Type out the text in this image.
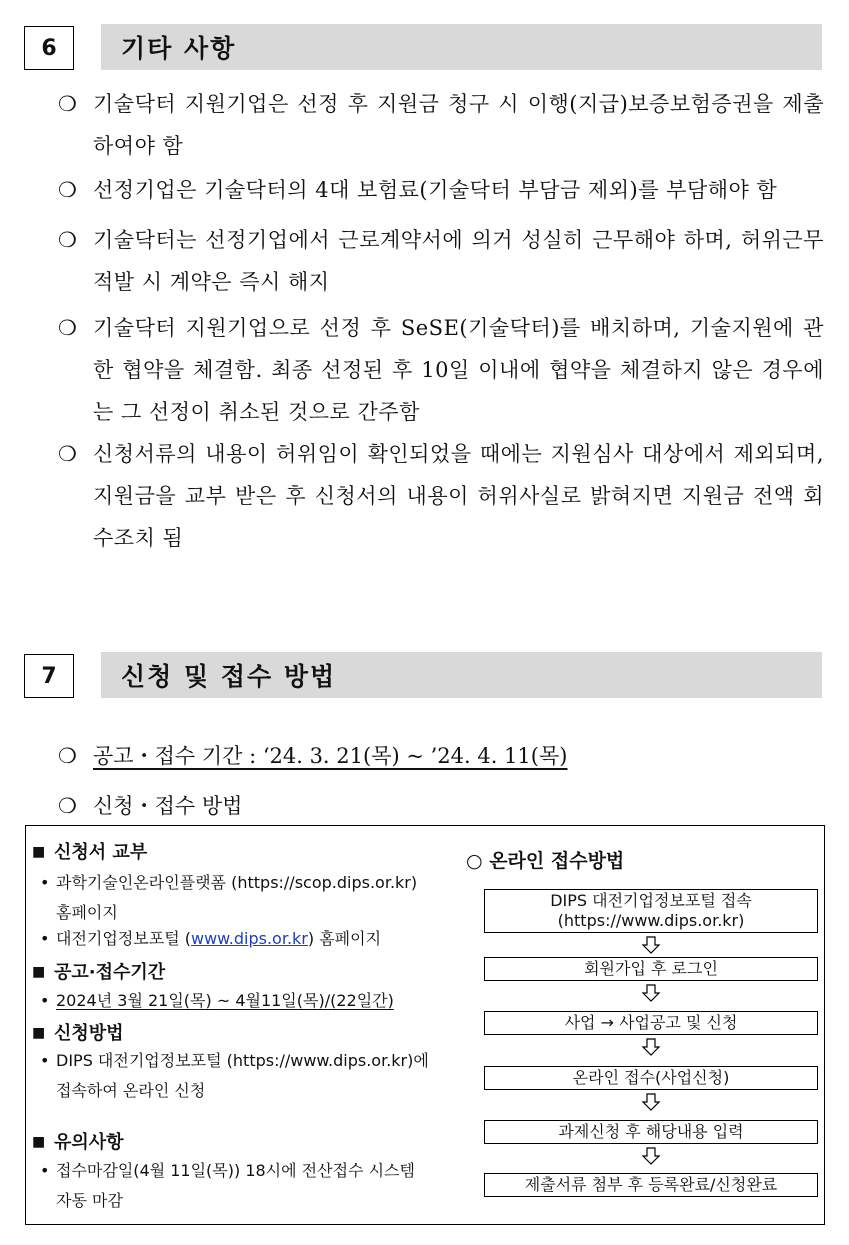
6	기타 사항
❍ 기술닥터 지원기업은 선정 후 지원금 청구 시 이행(지급)보증보험증권을 제출하여야 함
❍ 선정기업은 기술닥터의 4대 보험료(기술닥터 부담금 제외)를 부담해야 함
❍ 기술닥터는 선정기업에서 근로계약서에 의거 성실히 근무해야 하며, 허위근무 적발 시 계약은 즉시 해지
❍ 기술닥터 지원기업으로 선정 후 SeSE(기술닥터)를 배치하며, 기술지원에 관한 협약을 체결함. 최종 선정된 후 10일 이내에 협약을 체결하지 않은 경우에는 그 선정이 취소된 것으로 간주함
❍ 신청서류의 내용이 허위임이 확인되었을 때에는 지원심사 대상에서 제외되며, 지원금을 교부 받은 후 신청서의 내용이 허위사실로 밝혀지면 지원금 전액 회수조치 됨
7	신청 및 접수 방법
❍ 공고・접수 기간 : ‘24. 3. 21(목) ~ ’24. 4. 11(목)
❍ 신청・접수 방법
■ 신청서 교부
• 과학기술인온라인플랫폼 (https://scop.dips.or.kr)
홈페이지
• 대전기업정보포털 (www.dips.or.kr) 홈페이지
■ 공고·접수기간
• 2024년 3월 21일(목) ~ 4월11일(목)/(22일간)
■ 신청방법
• DIPS 대전기업정보포털 (https://www.dips.or.kr)에
접속하여 온라인 신청
■ 유의사항
• 접수마감일(4월 11일(목)) 18시에 전산접수 시스템
자동 마감
○ 온라인 접수방법
DIPS 대전기업정보포털 접속
(https://www.dips.or.kr)
회원가입 후 로그인
사업 → 사업공고 및 신청
온라인 접수(사업신청)
과제신청 후 해당내용 입력
제출서류 첨부 후 등록완료/신청완료
